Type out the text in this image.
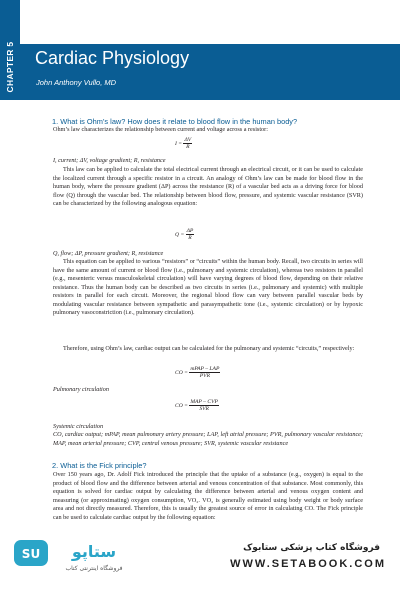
CHAPTER 5 Cardiac Physiology
John Anthony Vullo, MD
1. What is Ohm’s law? How does it relate to blood flow in the human body?
Ohm’s law characterizes the relationship between current and voltage across a resistor:
$I = \frac{\Delta V}{R}$
I, current; ΔV, voltage gradient; R, resistance
This law can be applied to calculate the total electrical current through an electrical circuit, or it can be used to calculate the localized current through a specific resistor in a circuit. An analogy of Ohm’s law can be made for blood flow in the human body, where the pressure gradient (ΔP) across the resistance (R) of a vascular bed acts as a driving force for blood flow (Q) through the vascular bed. The relationship between blood flow, pressure, and systemic vascular resistance (SVR) can be characterized by the following analogous equation:
$Q = \frac{\Delta P}{R}$
Q, flow; ΔP, pressure gradient; R, resistance
This equation can be applied to various “resistors” or “circuits” within the human body. Recall, two circuits in series will have the same amount of current or blood flow (i.e., pulmonary and systemic circulation), whereas two resistors in parallel (e.g., mesenteric versus musculoskeletal circulation) will have varying degrees of blood flow, depending on their relative resistance. Thus the human body can be described as two circuits in series (i.e., pulmonary and systemic) with multiple resistors in parallel for each circuit. Moreover, the regional blood flow can vary between parallel vascular beds by modulating vascular resistance between sympathetic and parasympathetic tone (i.e., systemic circulation) or by hypoxic pulmonary vasoconstriction (i.e., pulmonary circulation).
Therefore, using Ohm’s law, cardiac output can be calculated for the pulmonary and systemic “circuits,” respectively:
CO = $\frac{\text{mPAP – LAP}}{\text{PVR}}$
Pulmonary circulation
CO = $\frac{\text{MAP – CVP}}{\text{SVR}}$
Systemic circulation
CO, cardiac output; mPAP, mean pulmonary artery pressure; LAP, left atrial pressure; PVR, pulmonary vascular resistance; MAP, mean arterial pressure; CVP, central venous pressure; SVR, systemic vascular resistance
2. What is the Fick principle?
Over 150 years ago, Dr. Adolf Fick introduced the principle that the uptake of a substance (e.g., oxygen) is equal to the product of blood flow and the difference between arterial and venous concentration of that substance. Most commonly, this equation is solved for cardiac output by calculating the difference between arterial and venous oxygen content and measuring (or approximating) oxygen consumption, VO₂. VO₂ is generally estimated using body weight or body surface area and not directly measured. Therefore, this is usually the greatest source of error in calculating CO. The Fick principle can be used to calculate cardiac output by the following equation:
SU ستاپو
فروشگاه اینترنتی کتاب
فروشگاه کتاب پزشکی ستابوک
WWW.SETABOOK.COM
